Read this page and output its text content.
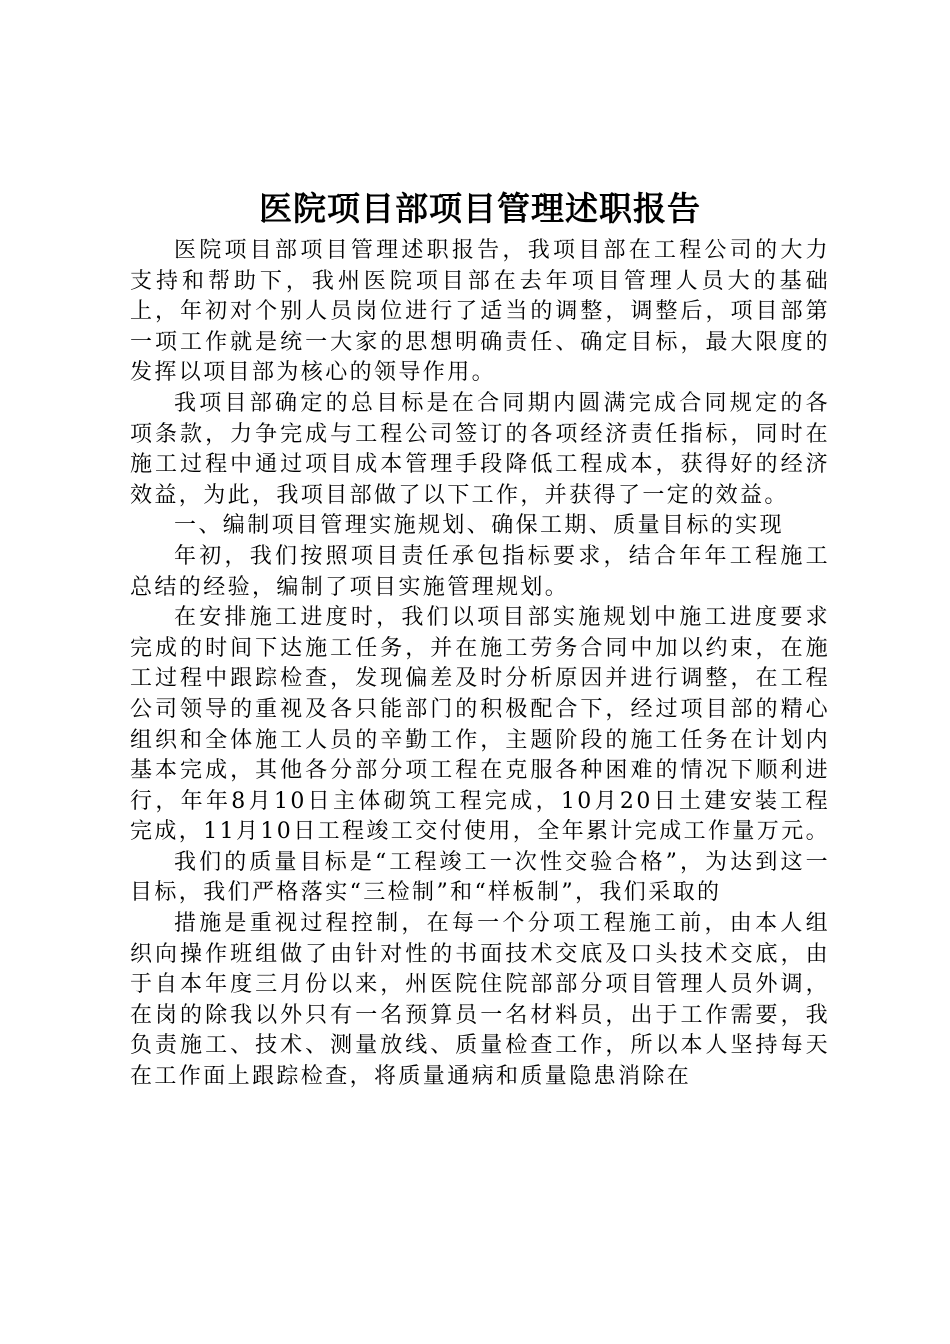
医院项目部项目管理述职报告

医院项目部项目管理述职报告，我项目部在工程公司的大力支持和帮助下，我州医院项目部在去年项目管理人员大的基础上，年初对个别人员岗位进行了适当的调整，调整后，项目部第一项工作就是统一大家的思想明确责任、确定目标，最大限度的发挥以项目部为核心的领导作用。

我项目部确定的总目标是在合同期内圆满完成合同规定的各项条款，力争完成与工程公司签订的各项经济责任指标，同时在施工过程中通过项目成本管理手段降低工程成本，获得好的经济效益，为此，我项目部做了以下工作，并获得了一定的效益。

一、编制项目管理实施规划、确保工期、质量目标的实现

年初，我们按照项目责任承包指标要求，结合年年工程施工总结的经验，编制了项目实施管理规划。

在安排施工进度时，我们以项目部实施规划中施工进度要求完成的时间下达施工任务，并在施工劳务合同中加以约束，在施工过程中跟踪检查，发现偏差及时分析原因并进行调整，在工程公司领导的重视及各只能部门的积极配合下，经过项目部的精心组织和全体施工人员的辛勤工作，主题阶段的施工任务在计划内基本完成，其他各分部分项工程在克服各种困难的情况下顺利进行，年年8月10日主体砌筑工程完成，10月20日土建安装工程完成，11月10日工程竣工交付使用，全年累计完成工作量万元。

我们的质量目标是“工程竣工一次性交验合格”，为达到这一目标，我们严格落实“三检制”和“样板制”，我们采取的

措施是重视过程控制，在每一个分项工程施工前，由本人组织向操作班组做了由针对性的书面技术交底及口头技术交底，由于自本年度三月份以来，州医院住院部部分项目管理人员外调，在岗的除我以外只有一名预算员一名材料员，出于工作需要，我负责施工、技术、测量放线、质量检查工作，所以本人坚持每天在工作面上跟踪检查，将质量通病和质量隐患消除在
